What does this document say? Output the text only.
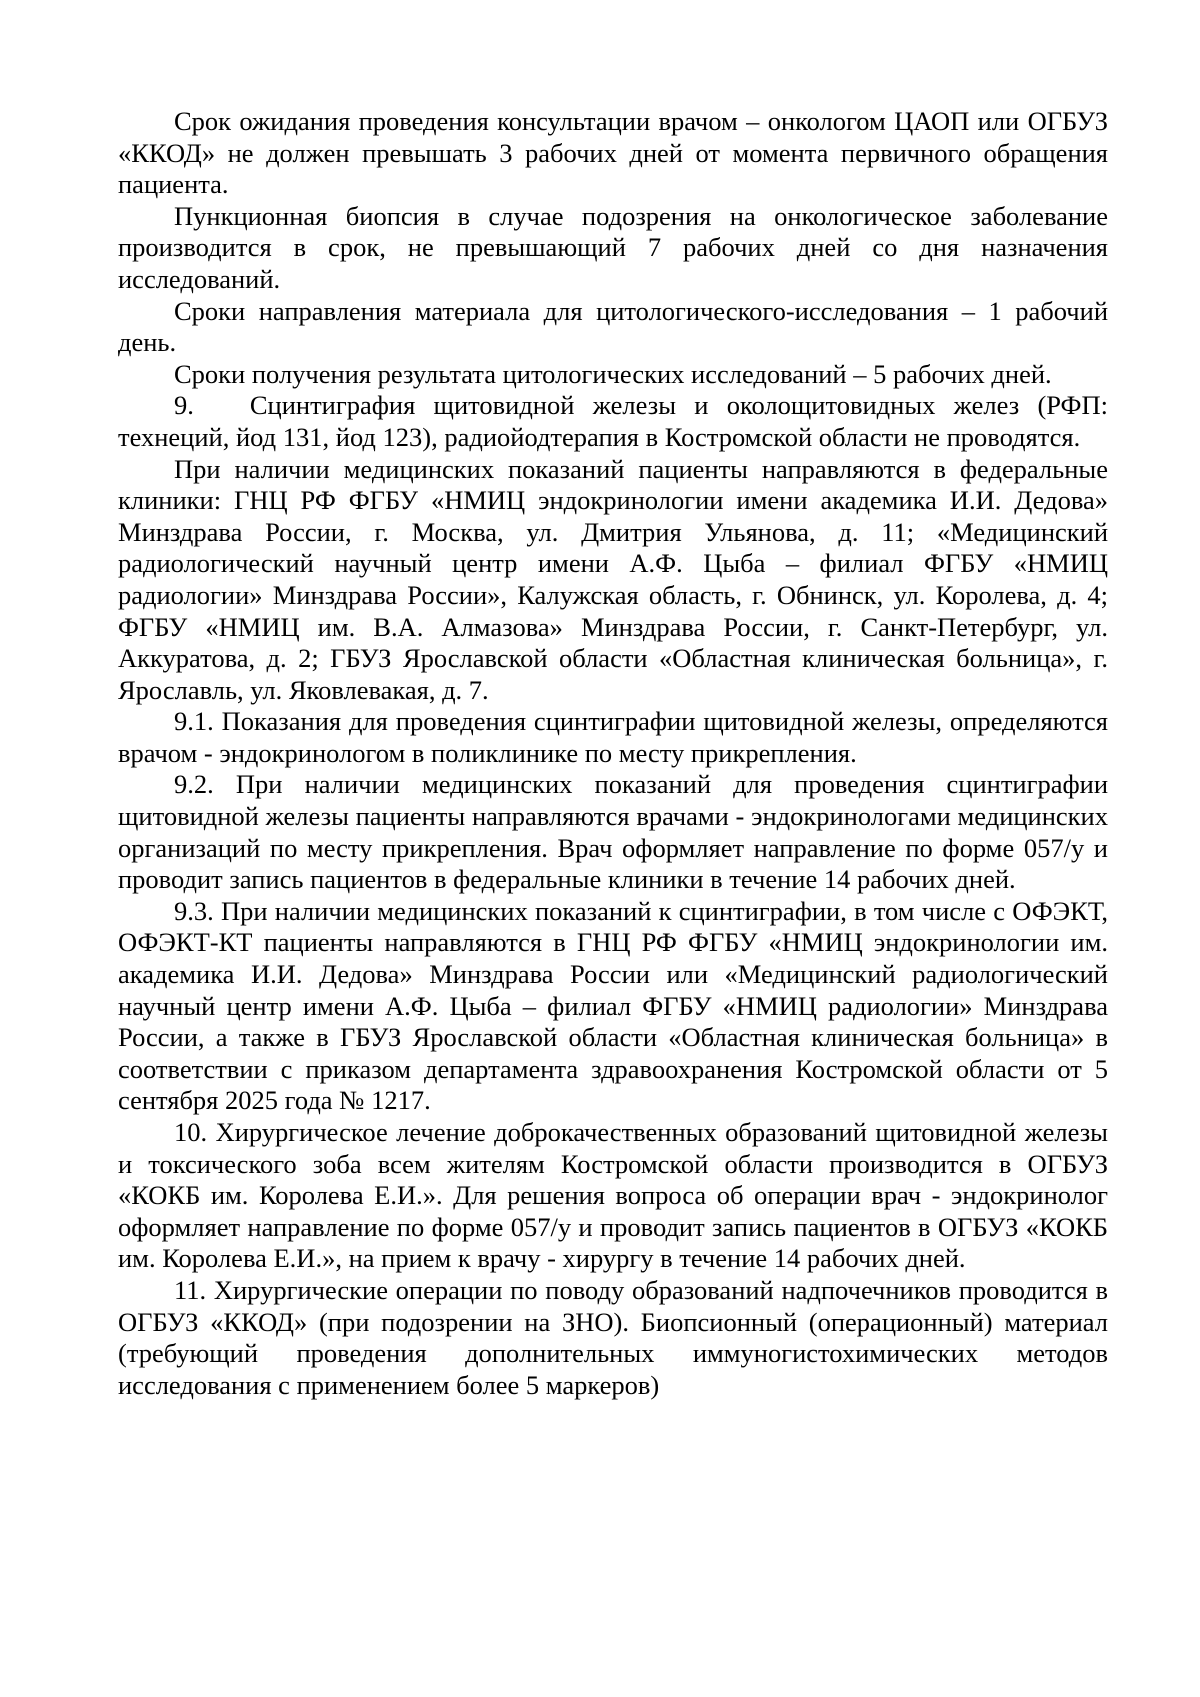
Срок ожидания проведения консультации врачом – онкологом ЦАОП или ОГБУЗ «ККОД» не должен превышать 3 рабочих дней от момента первичного обращения пациента.

Пункционная биопсия в случае подозрения на онкологическое заболевание производится в срок, не превышающий 7 рабочих дней со дня назначения исследований.

Сроки направления материала для цитологического-исследования – 1 рабочий день.

Сроки получения результата цитологических исследований – 5 рабочих дней.

9. Сцинтиграфия щитовидной железы и околощитовидных желез (РФП: технеций, йод 131, йод 123), радиойодтерапия в Костромской области не проводятся.

При наличии медицинских показаний пациенты направляются в федеральные клиники: ГНЦ РФ ФГБУ «НМИЦ эндокринологии имени академика И.И. Дедова» Минздрава России, г. Москва, ул. Дмитрия Ульянова, д. 11; «Медицинский радиологический научный центр имени А.Ф. Цыба – филиал ФГБУ «НМИЦ радиологии» Минздрава России», Калужская область, г. Обнинск, ул. Королева, д. 4; ФГБУ «НМИЦ им. В.А. Алмазова» Минздрава России, г. Санкт-Петербург, ул. Аккуратова, д. 2; ГБУЗ Ярославской области «Областная клиническая больница», г. Ярославль, ул. Яковлевакая, д. 7.

9.1. Показания для проведения сцинтиграфии щитовидной железы, определяются врачом - эндокринологом в поликлинике по месту прикрепления.

9.2. При наличии медицинских показаний для проведения сцинтиграфии щитовидной железы пациенты направляются врачами - эндокринологами медицинских организаций по месту прикрепления. Врач оформляет направление по форме 057/у и проводит запись пациентов в федеральные клиники в течение 14 рабочих дней.

9.3. При наличии медицинских показаний к сцинтиграфии, в том числе с ОФЭКТ, ОФЭКТ-КТ пациенты направляются в ГНЦ РФ ФГБУ «НМИЦ эндокринологии им. академика И.И. Дедова» Минздрава России или «Медицинский радиологический научный центр имени А.Ф. Цыба – филиал ФГБУ «НМИЦ радиологии» Минздрава России, а также в ГБУЗ Ярославской области «Областная клиническая больница» в соответствии с приказом департамента здравоохранения Костромской области от 5 сентября 2025 года № 1217.

10. Хирургическое лечение доброкачественных образований щитовидной железы и токсического зоба всем жителям Костромской области производится в ОГБУЗ «КОКБ им. Королева Е.И.». Для решения вопроса об операции врач - эндокринолог оформляет направление по форме 057/у и проводит запись пациентов в ОГБУЗ «КОКБ им. Королева Е.И.», на прием к врачу - хирургу в течение 14 рабочих дней.

11. Хирургические операции по поводу образований надпочечников проводится в ОГБУЗ «ККОД» (при подозрении на ЗНО). Биопсионный (операционный) материал (требующий проведения дополнительных иммуногистохимических методов исследования с применением более 5 маркеров)
